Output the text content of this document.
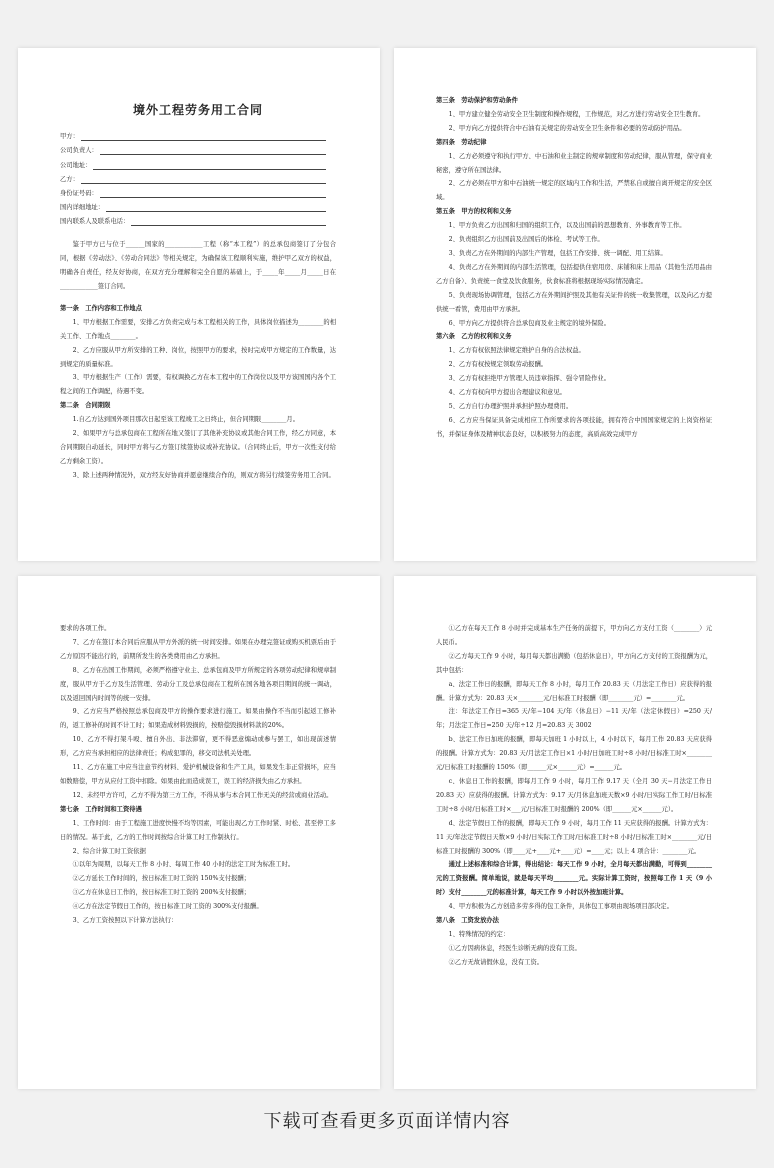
境外工程劳务用工合同
甲方：
公司负责人：
公司地址：
乙方：
身份证号码：
国内详细地址：
国内联系人及联系电话：
鉴于甲方已与位于______国家的____________工程（称“本工程”）的总承包商签订了分包合同，根据《劳动法》、《劳动合同法》等相关规定，为确保该工程顺利实施，维护甲乙双方的权益，明确各自责任，经友好协商，在双方充分理解和完全自愿的基础上，于_____年_____月_____日在____________签订合同。
第一条　工作内容和工作地点
1、甲方根据工作需要，安排乙方负责完成与本工程相关的工作，具体岗位描述为________的相关工作、工作地点________。
2、乙方应服从甲方所安排的工种、岗位，按照甲方的要求，按时完成甲方规定的工作数量，达到规定的质量标准。
3、甲方根据生产（工作）需要，有权调换乙方在本工程中的工作岗位以及甲方该国国内各个工程之间的工作调配，待遇不变。
第二条　合同期限
1.自乙方达到国外项目那次日起至该工程竣工之日终止，但合同期限________月。
2、如果甲方与总承包商在工程所在地又签订了其他补充协议或其他合同工作，经乙方同意，本合同期限自动延长，同时甲方将与乙方签订续签协议或补充协议。（合同终止后，甲方一次性支付给乙方剩余工资）。
3、除上述两种情况外，双方经友好协商并愿意继续合作的，则双方将另行续签劳务用工合同。
第三条　劳动保护和劳动条件
1、甲方建立健全劳动安全卫生制度和操作规程，工作规范，对乙方进行劳动安全卫生教育。
2、甲方向乙方提供符合中石油有关规定的劳动安全卫生条件和必要的劳动防护用品。
第四条　劳动纪律
1、乙方必须遵守和执行甲方、中石油和业主制定的规章制度和劳动纪律，服从管理，保守商业秘密，遵守所在国法律。
2、乙方必须在甲方和中石油统一规定的区域内工作和生活，严禁私自或擅自离开规定的安全区域。
第五条　甲方的权利和义务
1、甲方负责乙方出国和归国的组织工作，以及出国前的思想教育、外事教育等工作。
2、负责组织乙方出国前及出国后的体检、考试等工作。
3、负责乙方在外期间的内部生产管理，包括工作安排、统一调配、用工结算。
4、负责乙方在外期间的内部生活管理，包括提供住宿用房、床铺和床上用品（其他生活用品由乙方自备）、负责统一食堂及饮食服务，伙食标准将根据现场实际情况确定。
5、负责现场协调管理，包括乙方在外期间护照及其他有关证件的统一收集管理，以及向乙方提供统一看管，费用由甲方承担。
6、甲方向乙方提供符合总承包商及业主规定的境外保险。
第六条　乙方的权利和义务
1、乙方有权依照法律规定维护自身的合法权益。
2、乙方有权按规定领取劳动报酬。
3、乙方有权拒绝甲方管理人员违章指挥、强令冒险作业。
4、乙方有权向甲方提出合理建议和意见。
5、乙方自行办理护照并承担护照办理费用。
6、乙方应当保证具备完成相应工作所要求的各项技能，拥有符合中国国家规定的上岗资格证书，并保证身体及精神状态良好，以积极努力的态度，高质高效完成甲方
要求的各项工作。
7、乙方在签订本合同后应服从甲方外派的统一时间安排。如果在办理完签证或购买机票后由于乙方原因不能出行的，前期所发生的各类费用由乙方承担。
8、乙方在出国工作期间，必须严格遵守业主、总承包商及甲方所规定的各项劳动纪律和规章制度，服从甲方于乙方及生活管理、劳动分工及总承包商在工程所在国各地各项目期间的统一调动，以及返回国内时间等的统一安排。
9、乙方应当严格按照总承包商及甲方的操作要求进行施工。如果由操作不当而引起返工修补的，返工修补的时间不计工时；如果造成材料毁损的，按赔偿毁损材料款的20%。
10、乙方不得打架斗殴、擅自外出、非法滞留，更不得恶意煽动或参与罢工，如出现前述情形，乙方应当承担相应的法律责任；构成犯罪的，移交司法机关处理。
11、乙方在施工中应当注意节约材料、爱护机械设备和生产工具，如果发生非正常损坏，应当如数赔偿，甲方从应付工资中扣除。如果由此而造成误工，误工的经济损失由乙方承担。
12、未经甲方许可，乙方不得为第三方工作，不得从事与本合同工作无关的经营或商业活动。
第七条　工作时间和工资待遇
1、工作时间：由于工程施工进度快慢不均等因素，可能出现乙方工作时紧、时松、甚至停工多日的情况。基于此，乙方的工作时间按综合计算工时工作制执行。
2、综合计算工时工资依据
①以年为周期，以每天工作 8 小时、每周工作 40 小时的法定工时为标准工时。
②乙方延长工作时间的，按日标准工时工资的 150%支付报酬；
③乙方在休息日工作的，按日标准工时工资的 200%支付报酬；
④乙方在法定节假日工作的，按日标准工时工资的 300%支付报酬。
3、乙方工资按照以下计算方法执行：
①乙方在每天工作 8 小时并完成基本生产任务的前提下，甲方向乙方支付工资（________）元人民币。
②乙方每天工作 9 小时，每月每天都出满勤（包括休息日），甲方向乙方支付的工资报酬为元，其中包括：
a、法定工作日的报酬，即每天工作 8 小时，每月工作 20.83 天（月法定工作日）应获得的报酬。计算方式为：20.83 天×________元/日标准工时报酬（即________元）=________元。
注：年法定工作日=365 天/年−104 天/年（休息日）−11 天/年（法定休假日）=250 天/年；月法定工作日=250 天/年÷12 月=20.83 天 3002
b、法定工作日加班的报酬，即每天加班 1 小时以上，4 小时以下，每月工作 20.83 天应获得的报酬。计算方式为：20.83 天/月法定工作日×1 小时/日加班工时÷8 小时/日标准工时×________元/日标准工时报酬的 150%（即______元×______元）=______元。
c、休息日工作的报酬，即每月工作 9 小时，每月工作 9.17 天（全月 30 天−月法定工作日 20.83 天）应获得的报酬。计算方式为：9.17 天/月休息加班天数×9 小时/日实际工作工时/日标准工时÷8 小时/日标准工时×___元/日标准工时报酬的 200%（即______元×______元）。
d、法定节假日工作的报酬，即每天工作 9 小时，每月工作 11 天应获得的报酬。计算方式为：11 天/年法定节假日天数×9 小时/日实际工作工时/日标准工时÷8 小时/日标准工时×________元/日标准工时报酬的 300%（即____元+____元+____元）=____元；以上 4 项合计：________元。
通过上述标准和综合计算，得出结论：每天工作 9 小时，全月每天都出满勤，可得到________元的工资报酬。简单地说，就是每天平均________元。实际计算工资时，按照每工作 1 天（9 小时）支付________元的标准计算，每天工作 9 小时以外按加班计算。
4、甲方积极为乙方创造多劳多得的包工条件，具体包工事项由现场项目部决定。
第八条　工资发放办法
1、特殊情况的约定：
①乙方因病休息，经医生诊断无病的没有工资。
②乙方无故请假休息，没有工资。
下载可查看更多页面详情内容
